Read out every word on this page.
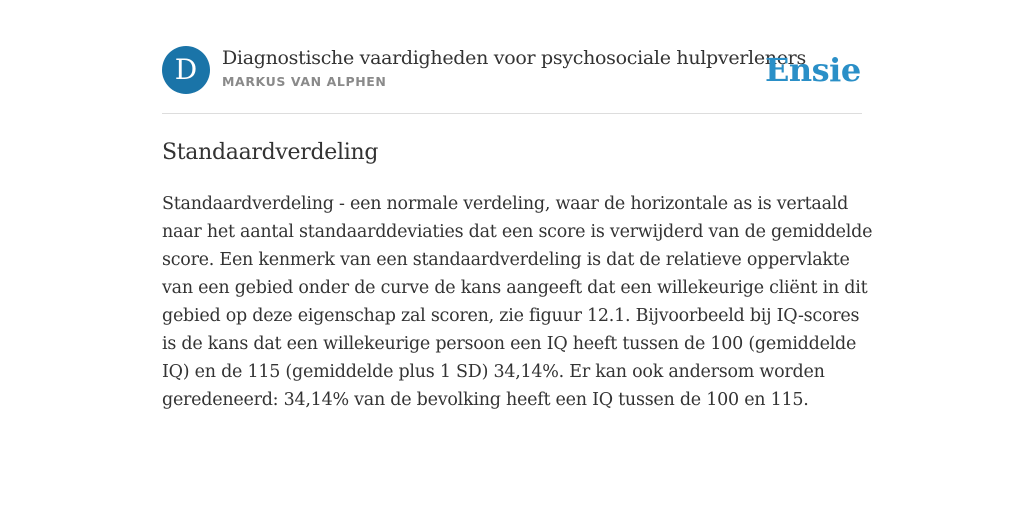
D	Diagnostische vaardigheden voor psychosociale hulpverleners
MARKUS VAN ALPHEN	Ensie
Standaardverdeling

Standaardverdeling - een normale verdeling, waar de horizontale as is vertaald
naar het aantal standaarddeviaties dat een score is verwijderd van de gemiddelde
score. Een kenmerk van een standaardverdeling is dat de relatieve oppervlakte
van een gebied onder de curve de kans aangeeft dat een willekeurige cliënt in dit
gebied op deze eigenschap zal scoren, zie figuur 12.1. Bijvoorbeeld bij IQ-scores
is de kans dat een willekeurige persoon een IQ heeft tussen de 100 (gemiddelde
IQ) en de 115 (gemiddelde plus 1 SD) 34,14%. Er kan ook andersom worden
geredeneerd: 34,14% van de bevolking heeft een IQ tussen de 100 en 115.
